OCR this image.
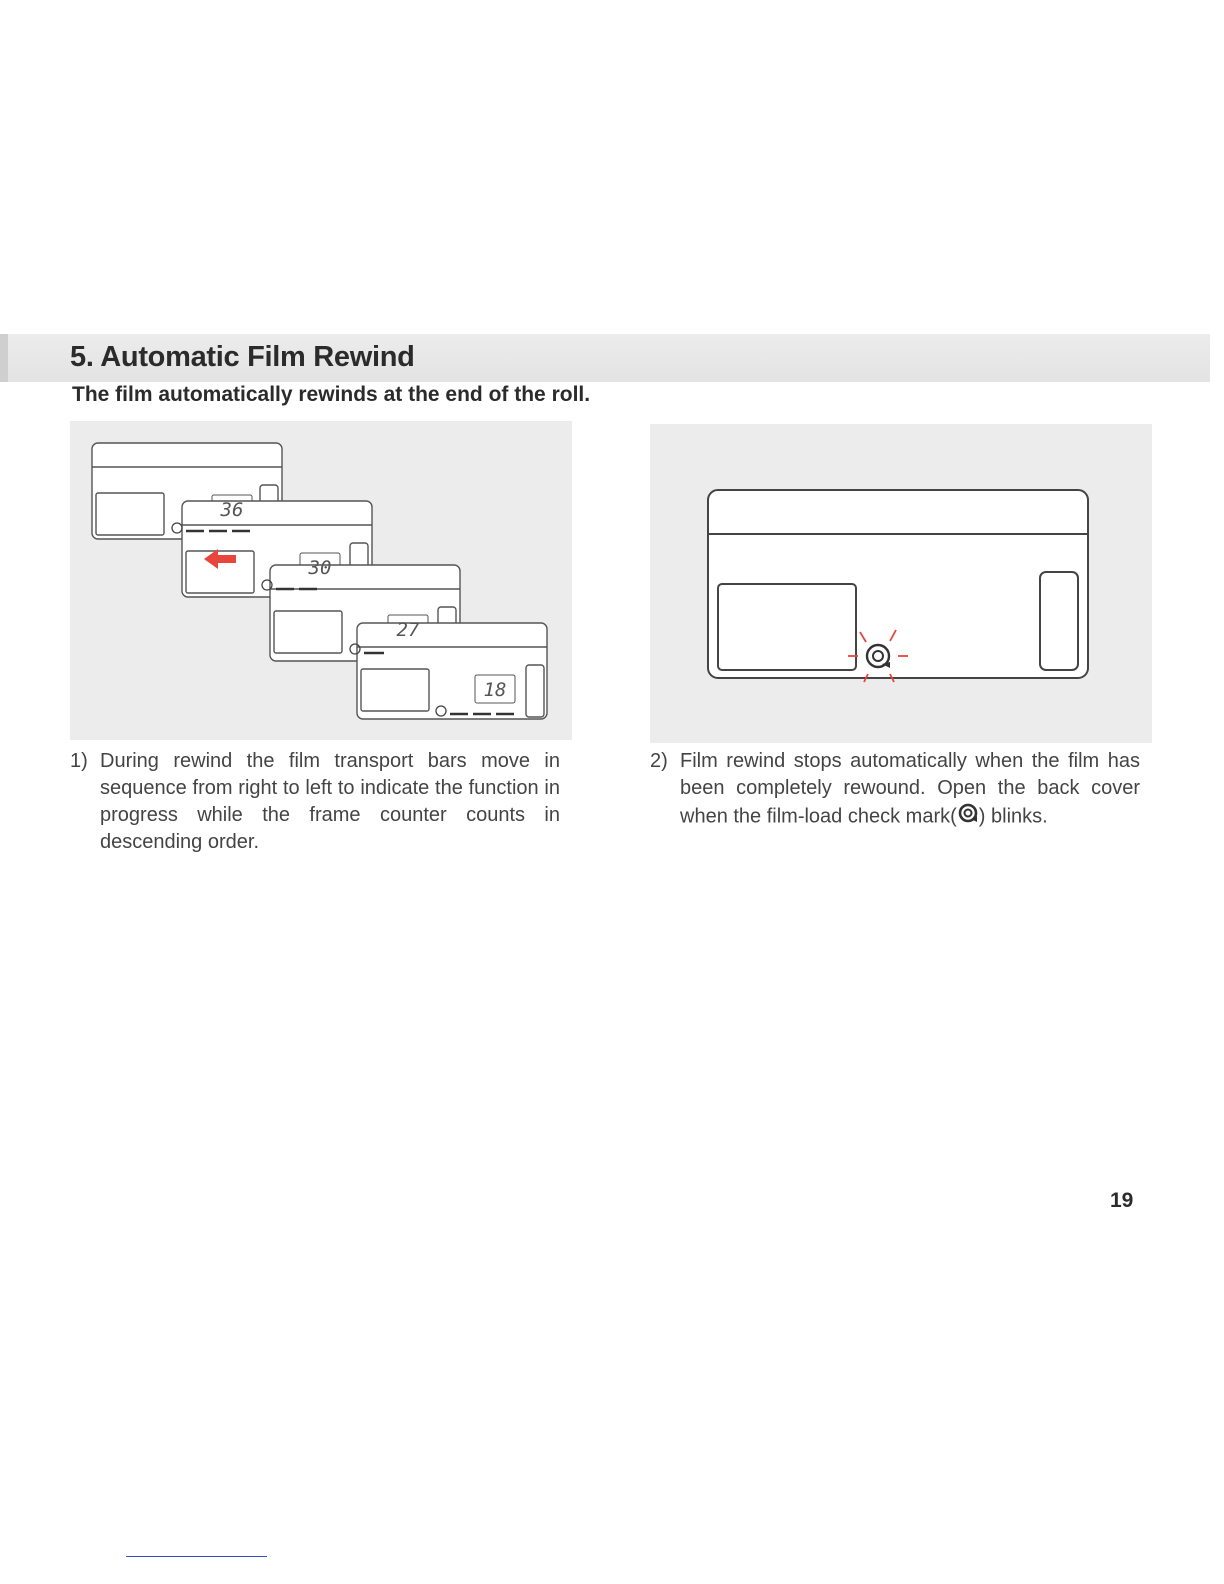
5. Automatic Film Rewind
The film automatically rewinds at the end of the roll.
36
30
27
18
1) During rewind the film transport bars move in sequence from right to left to indicate the function in progress while the frame counter counts in descending order.
2) Film rewind stops automatically when the film has been completely rewound. Open the back cover when the film-load check mark( ) blinks.

19
